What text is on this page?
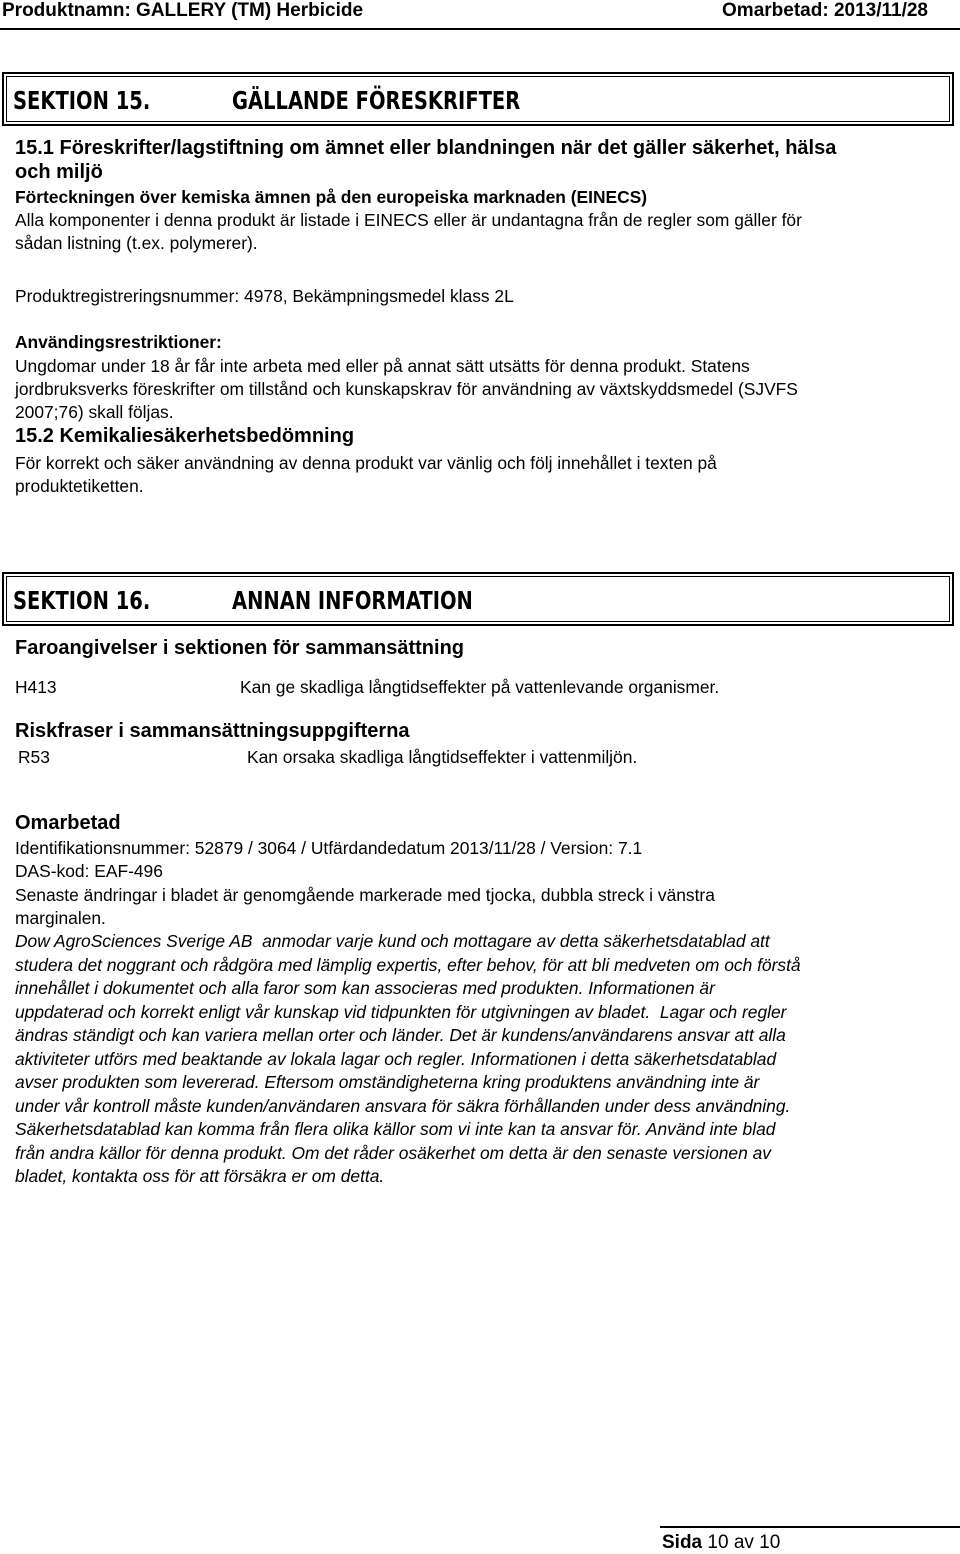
Produktnamn: GALLERY (TM) Herbicide	Omarbetad: 2013/11/28
SEKTION 15.	GÄLLANDE FÖRESKRIFTER
15.1 Föreskrifter/lagstiftning om ämnet eller blandningen när det gäller säkerhet, hälsa
och miljö
Förteckningen över kemiska ämnen på den europeiska marknaden (EINECS)
Alla komponenter i denna produkt är listade i EINECS eller är undantagna från de regler som gäller för
sådan listning (t.ex. polymerer).
Produktregistreringsnummer: 4978, Bekämpningsmedel klass 2L
Användingsrestriktioner:
Ungdomar under 18 år får inte arbeta med eller på annat sätt utsätts för denna produkt. Statens
jordbruksverks föreskrifter om tillstånd och kunskapskrav för användning av växtskyddsmedel (SJVFS
2007;76) skall följas.
15.2 Kemikaliesäkerhetsbedömning
För korrekt och säker användning av denna produkt var vänlig och följ innehållet i texten på
produktetiketten.
SEKTION 16.	ANNAN INFORMATION
Faroangivelser i sektionen för sammansättning
H413	Kan ge skadliga långtidseffekter på vattenlevande organismer.
Riskfraser i sammansättningsuppgifterna
R53	Kan orsaka skadliga långtidseffekter i vattenmiljön.
Omarbetad
Identifikationsnummer: 52879 / 3064 / Utfärdandedatum 2013/11/28 / Version: 7.1
DAS-kod: EAF-496
Senaste ändringar i bladet är genomgående markerade med tjocka, dubbla streck i vänstra
marginalen.
Dow AgroSciences Sverige AB  anmodar varje kund och mottagare av detta säkerhetsdatablad att
studera det noggrant och rådgöra med lämplig expertis, efter behov, för att bli medveten om och förstå
innehållet i dokumentet och alla faror som kan associeras med produkten. Informationen är
uppdaterad och korrekt enligt vår kunskap vid tidpunkten för utgivningen av bladet.  Lagar och regler
ändras ständigt och kan variera mellan orter och länder. Det är kundens/användarens ansvar att alla
aktiviteter utförs med beaktande av lokala lagar och regler. Informationen i detta säkerhetsdatablad
avser produkten som levererad. Eftersom omständigheterna kring produktens användning inte är
under vår kontroll måste kunden/användaren ansvara för säkra förhållanden under dess användning.
Säkerhetsdatablad kan komma från flera olika källor som vi inte kan ta ansvar för. Använd inte blad
från andra källor för denna produkt. Om det råder osäkerhet om detta är den senaste versionen av
bladet, kontakta oss för att försäkra er om detta.
Sida 10 av 10
